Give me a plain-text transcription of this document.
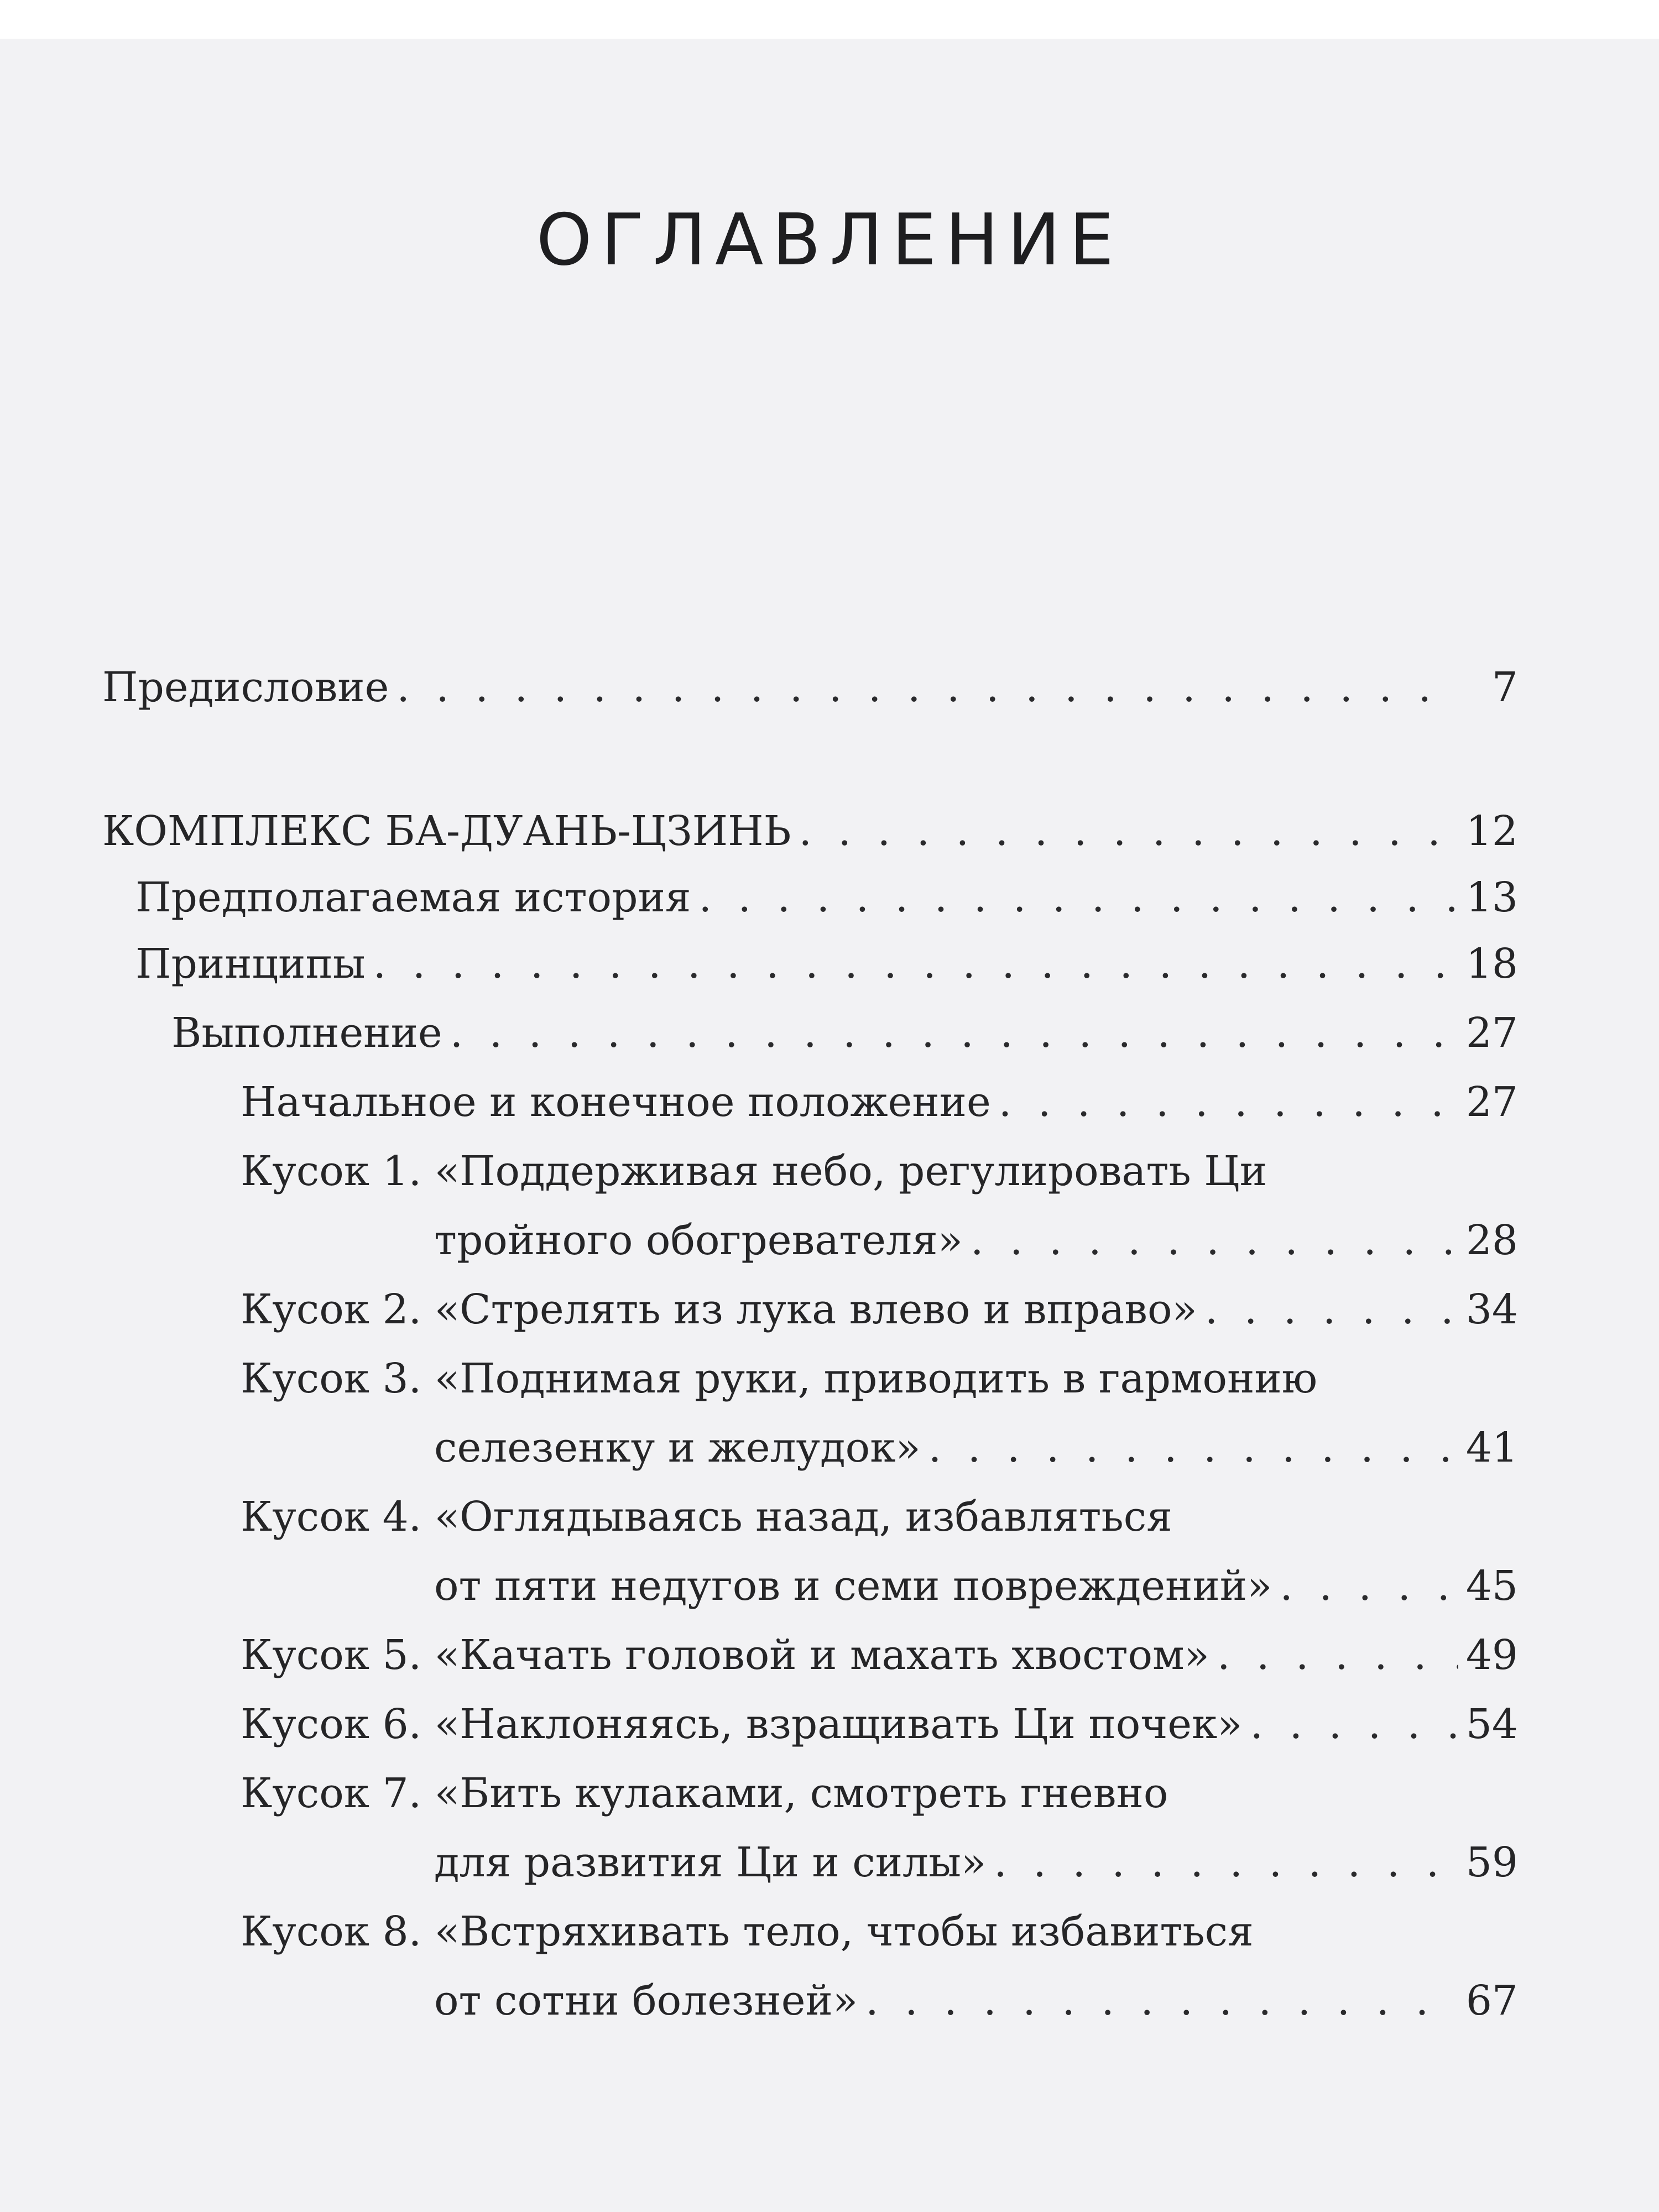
ОГЛАВЛЕНИЕ
Предисловие . . .	7
КОМПЛЕКС БА-ДУАНЬ-ЦЗИНЬ . . .	12
Предполагаемая история . . .	13
Принципы . . .	18
Выполнение . . .	27
Начальное и конечное положение . . .	27
Кусок 1. «Поддерживая небо, регулировать Ци
тройного обогревателя» . . .	28
Кусок 2. «Стрелять из лука влево и вправо» . . .	34
Кусок 3. «Поднимая руки, приводить в гармонию
селезенку и желудок» . . .	41
Кусок 4. «Оглядываясь назад, избавляться
от пяти недугов и семи повреждений» . . .	45
Кусок 5. «Качать головой и махать хвостом» . . .	49
Кусок 6. «Наклоняясь, взращивать Ци почек» . . .	54
Кусок 7. «Бить кулаками, смотреть гневно
для развития Ци и силы» . . .	59
Кусок 8. «Встряхивать тело, чтобы избавиться
от сотни болезней» . . .	67
